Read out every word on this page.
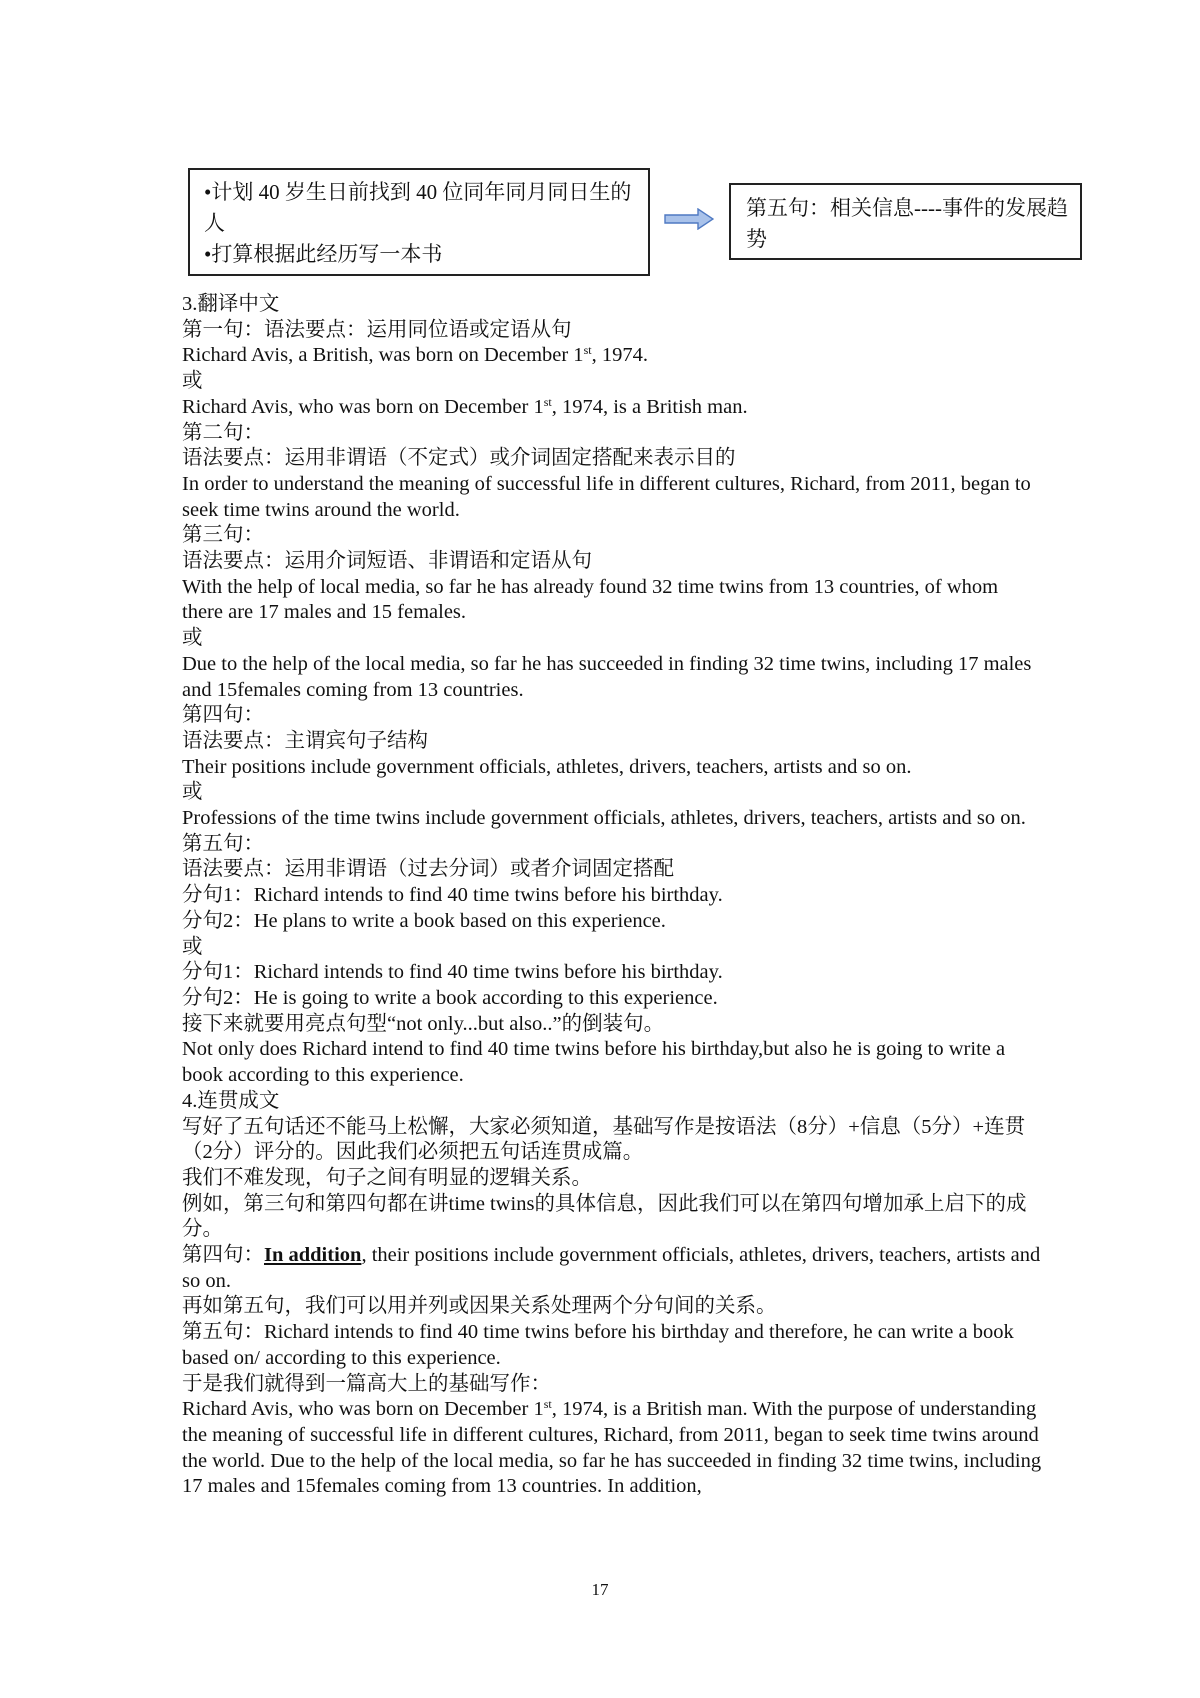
•计划 40 岁生日前找到 40 位同年同月同日生的人

•打算根据此经历写一本书

第五句：相关信息----事件的发展趋势

3.翻译中文

第一句：语法要点：运用同位语或定语从句

Richard Avis, a British, was born on December 1st, 1974.

或

Richard Avis, who was born on December 1st, 1974, is a British man.

第二句：

语法要点：运用非谓语（不定式）或介词固定搭配来表示目的

In order to understand the meaning of successful life in different cultures, Richard, from 2011, began to seek time twins around the world.

第三句：

语法要点：运用介词短语、非谓语和定语从句

With the help of local media, so far he has already found 32 time twins from 13 countries, of whom there are 17 males and 15 females.

或

Due to the help of the local media, so far he has succeeded in finding 32 time twins, including 17 males and 15females coming from 13 countries.

第四句：

语法要点：主谓宾句子结构

Their positions include government officials, athletes, drivers, teachers, artists and so on.

或

Professions of the time twins include government officials, athletes, drivers, teachers, artists and so on.

第五句：

语法要点：运用非谓语（过去分词）或者介词固定搭配

分句1：Richard intends to find 40 time twins before his birthday.

分句2：He plans to write a book based on this experience.

或

分句1：Richard intends to find 40 time twins before his birthday.

分句2：He is going to write a book according to this experience.

接下来就要用亮点句型“not only...but also..”的倒装句。

Not only does Richard intend to find 40 time twins before his birthday,but also he is going to write a book according to this experience.

4.连贯成文

写好了五句话还不能马上松懈，大家必须知道，基础写作是按语法（8分）+信息（5分）+连贯（2分）评分的。因此我们必须把五句话连贯成篇。

我们不难发现，句子之间有明显的逻辑关系。

例如，第三句和第四句都在讲time twins的具体信息，因此我们可以在第四句增加承上启下的成分。

第四句：In addition, their positions include government officials, athletes, drivers, teachers, artists and so on.

再如第五句，我们可以用并列或因果关系处理两个分句间的关系。

第五句：Richard intends to find 40 time twins before his birthday and therefore, he can write a book based on/ according to this experience.

于是我们就得到一篇高大上的基础写作：

Richard Avis, who was born on December 1st, 1974, is a British man. With the purpose of understanding the meaning of successful life in different cultures, Richard, from 2011, began to seek time twins around the world. Due to the help of the local media, so far he has succeeded in finding 32 time twins, including 17 males and 15females coming from 13 countries. In addition,

17
